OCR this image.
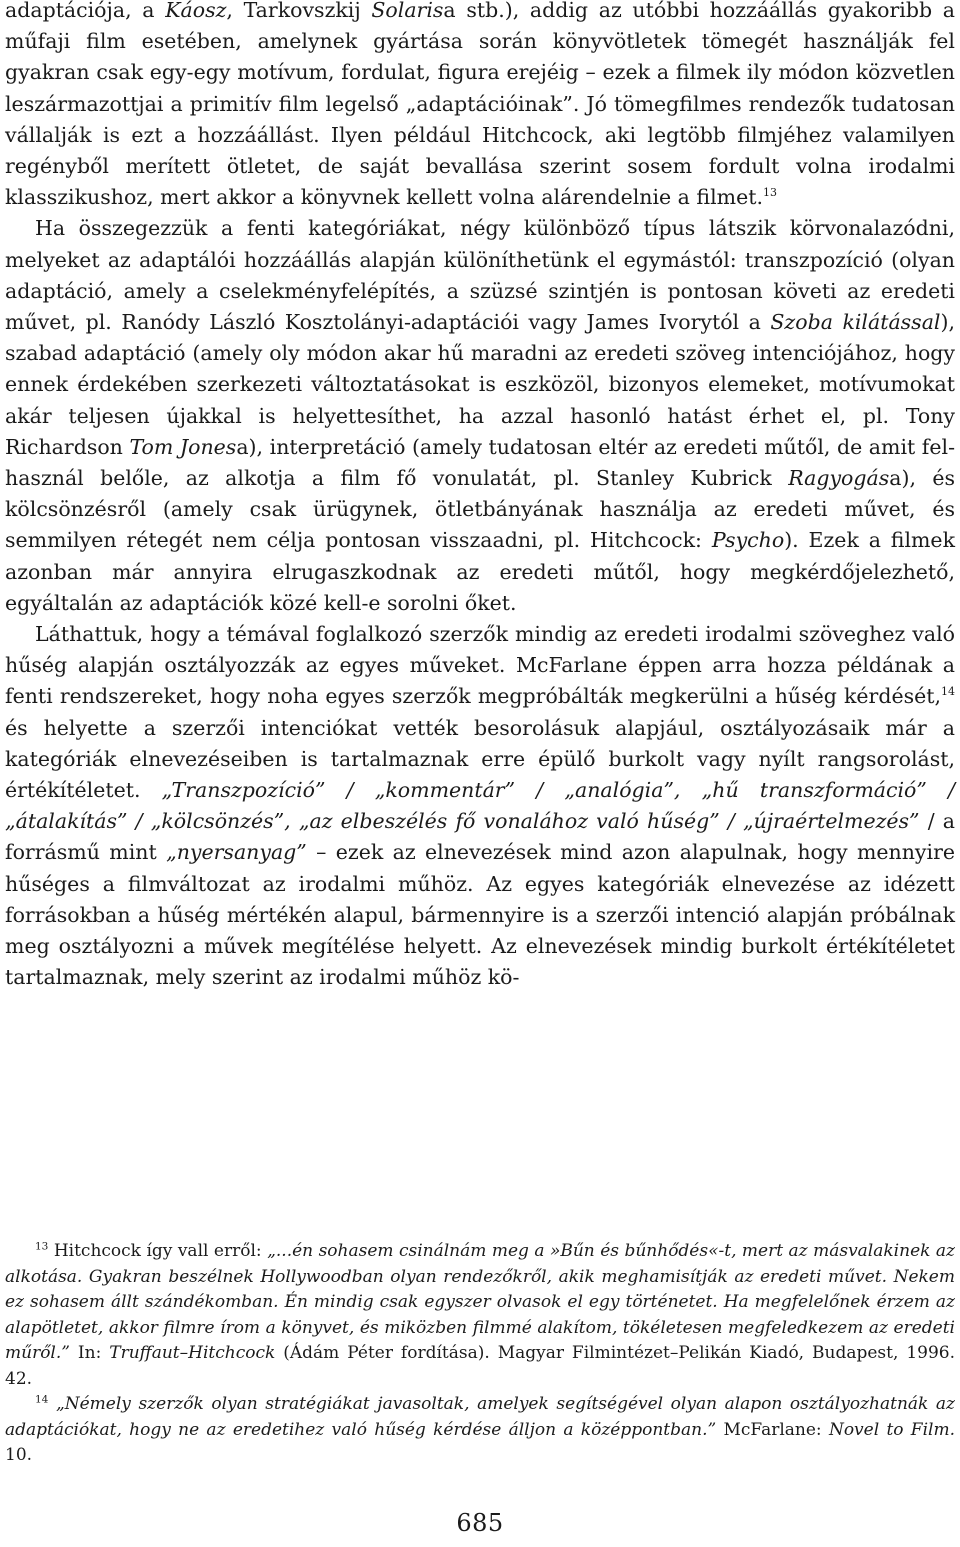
adaptációja, a Káosz, Tarkovszkij Solarisa stb.), addig az utóbbi hozzáállás gyakoribb a műfaji film esetében, amelynek gyártása során könyvötletek tömegét használják fel gyakran csak egy-egy motívum, fordulat, figura erejéig – ezek a filmek ily módon közvetlen leszármazottjai a primitív film legelső „adaptációinak”. Jó tömegfilmes rendezők tudatosan vállalják is ezt a hozzáállást. Ilyen például Hitchcock, aki legtöbb filmjéhez valamilyen regényből merített ötletet, de saját bevallása szerint sosem fordult volna irodalmi klasszikushoz, mert akkor a könyvnek kellett volna alárendelnie a filmet.$^{13}$

Ha összegezzük a fenti kategóriákat, négy különböző típus látszik körvonalazódni, melyeket az adaptálói hozzáállás alapján különíthetünk el egymástól: transzpozíció (olyan adaptáció, amely a cselekményfelépítés, a szüzsé szintjén is pontosan követi az eredeti művet, pl. Ranódy László Kosztolányi-adaptációi vagy James Ivorytól a Szoba kilátással), szabad adaptáció (amely oly módon akar hű maradni az eredeti szöveg intenciójához, hogy ennek érdekében szerkezeti változtatásokat is eszközöl, bizonyos elemeket, motívumokat akár teljesen újakkal is helyettesíthet, ha azzal hasonló hatást érhet el, pl. Tony Richardson Tom Jonesa), interpretáció (amely tudatosan eltér az eredeti műtől, de amit felhasznál belőle, az alkotja a film fő vonulatát, pl. Stanley Kubrick Ragyogása), és kölcsönzésről (amely csak ürügynek, ötletbányának használja az eredeti művet, és semmilyen rétegét nem célja pontosan visszaadni, pl. Hitchcock: Psycho). Ezek a filmek azonban már annyira elrugaszkodnak az eredeti műtől, hogy megkérdőjelezhető, egyáltalán az adaptációk közé kell-e sorolni őket.

Láthattuk, hogy a témával foglalkozó szerzők mindig az eredeti irodalmi szöveghez való hűség alapján osztályozzák az egyes műveket. McFarlane éppen arra hozza példának a fenti rendszereket, hogy noha egyes szerzők megpróbálták megkerülni a hűség kérdését,$^{14}$ és helyette a szerzői intenciókat vették besorolásuk alapjául, osztályozásaik már a kategóriák elnevezéseiben is tartalmaznak erre épülő burkolt vagy nyílt rangsorolást, értékítéletet. „Transzpozíció” / „kommentár” / „analógia”, „hű transzformáció” / „átalakítás” / „kölcsönzés”, „az elbeszélés fő vonalához való hűség” / „újraértelmezés” / a forrásmű mint „nyersanyag” – ezek az elnevezések mind azon alapulnak, hogy mennyire hűséges a filmváltozat az irodalmi műhöz. Az egyes kategóriák elnevezése az idézett forrásokban a hűség mértékén alapul, bármennyire is a szerzői intenció alapján próbálnak meg osztályozni a művek megítélése helyett. Az elnevezések mindig burkolt értékítéletet tartalmaznak, mely szerint az irodalmi műhöz kö-

$^{13}$ Hitchcock így vall erről: „...én sohasem csinálnám meg a »Bűn és bűnhődés«-t, mert az másvalakinek az alkotása. Gyakran beszélnek Hollywoodban olyan rendezőkről, akik meghamisítják az eredeti művet. Nekem ez sohasem állt szándékomban. Én mindig csak egyszer olvasok el egy történetet. Ha megfelelőnek érzem az alapötletet, akkor filmre írom a könyvet, és miközben filmmé alakítom, tökéletesen megfeledkezem az eredeti műről.” In: Truffaut–Hitchcock (Ádám Péter fordítása). Magyar Filmintézet–Pelikán Kiadó, Budapest, 1996. 42.

$^{14}$ „Némely szerzők olyan stratégiákat javasoltak, amelyek segítségével olyan alapon osztályozhatnák az adaptációkat, hogy ne az eredetihez való hűség kérdése álljon a középpontban.” McFarlane: Novel to Film. 10.

685
